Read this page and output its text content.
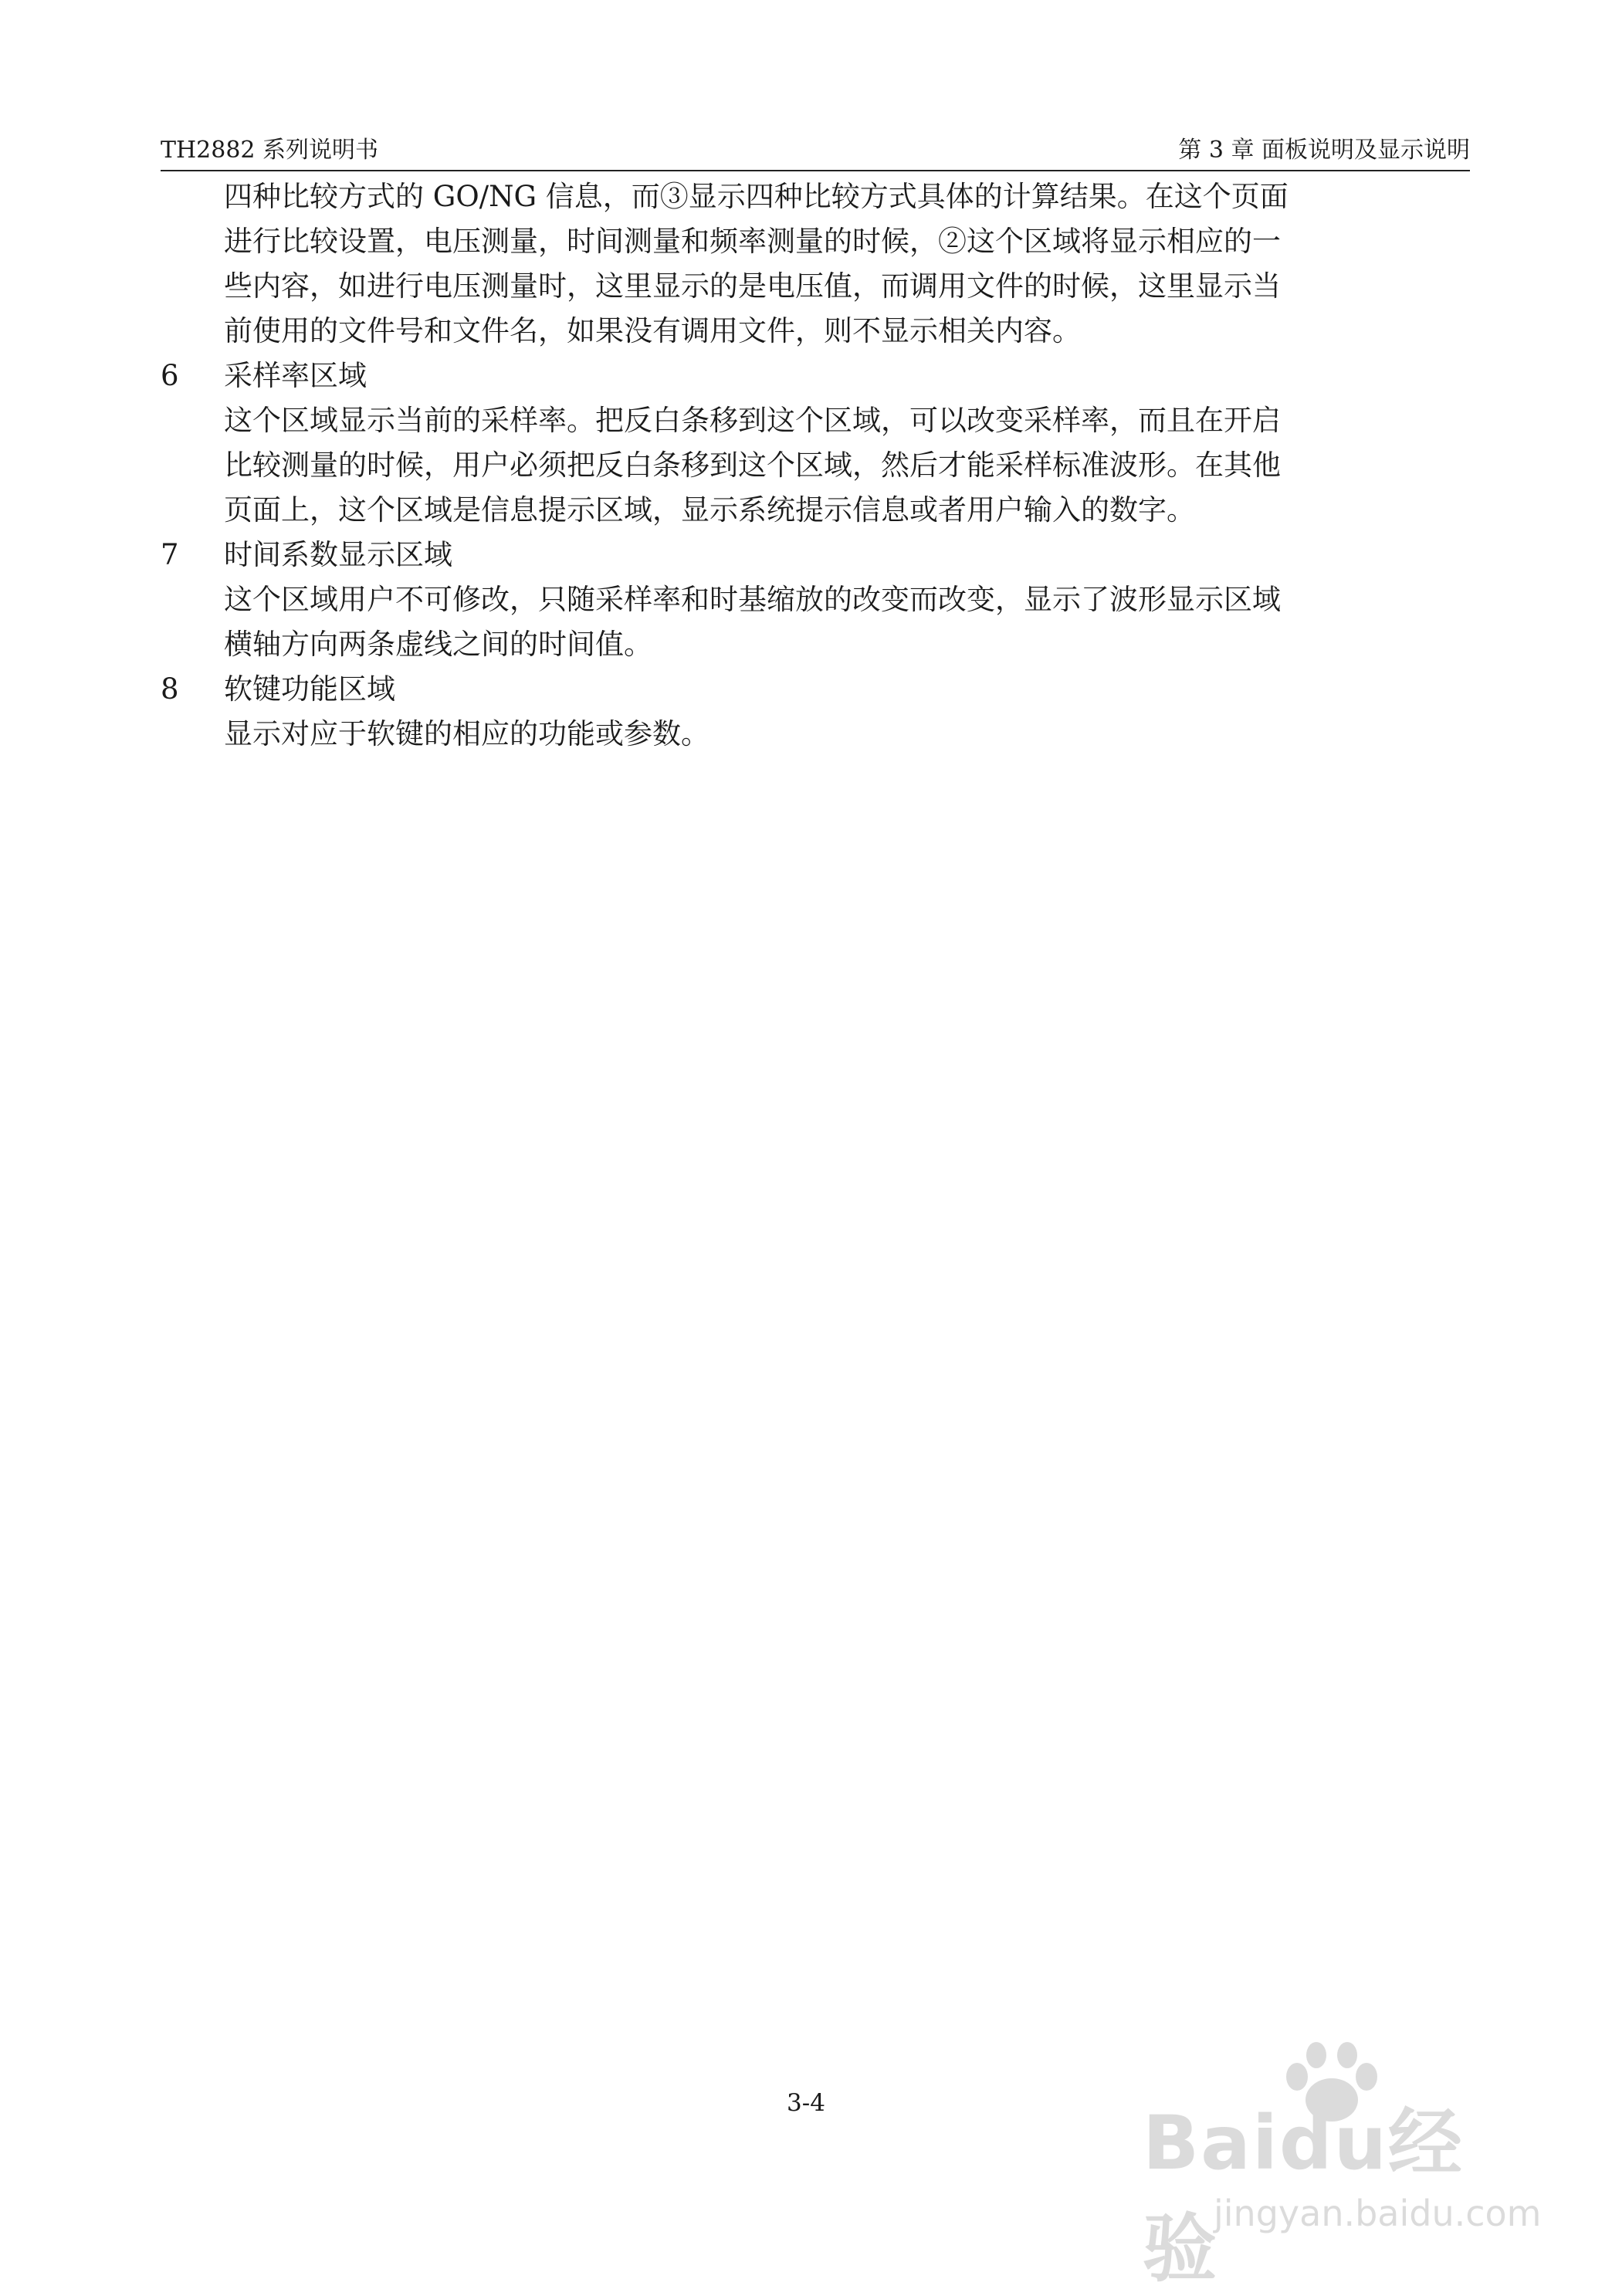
TH2882 系列说明书	第 3 章 面板说明及显示说明
四种比较方式的 GO/NG 信息，而③显示四种比较方式具体的计算结果。在这个页面
进行比较设置，电压测量，时间测量和频率测量的时候，②这个区域将显示相应的一
些内容，如进行电压测量时，这里显示的是电压值，而调用文件的时候，这里显示当
前使用的文件号和文件名，如果没有调用文件，则不显示相关内容。
6	采样率区域
这个区域显示当前的采样率。把反白条移到这个区域，可以改变采样率，而且在开启
比较测量的时候，用户必须把反白条移到这个区域，然后才能采样标准波形。在其他
页面上，这个区域是信息提示区域，显示系统提示信息或者用户输入的数字。
7	时间系数显示区域
这个区域用户不可修改，只随采样率和时基缩放的改变而改变，显示了波形显示区域
横轴方向两条虚线之间的时间值。
8	软键功能区域
显示对应于软键的相应的功能或参数。
3-4	Baidu经验
jingyan.baidu.com
